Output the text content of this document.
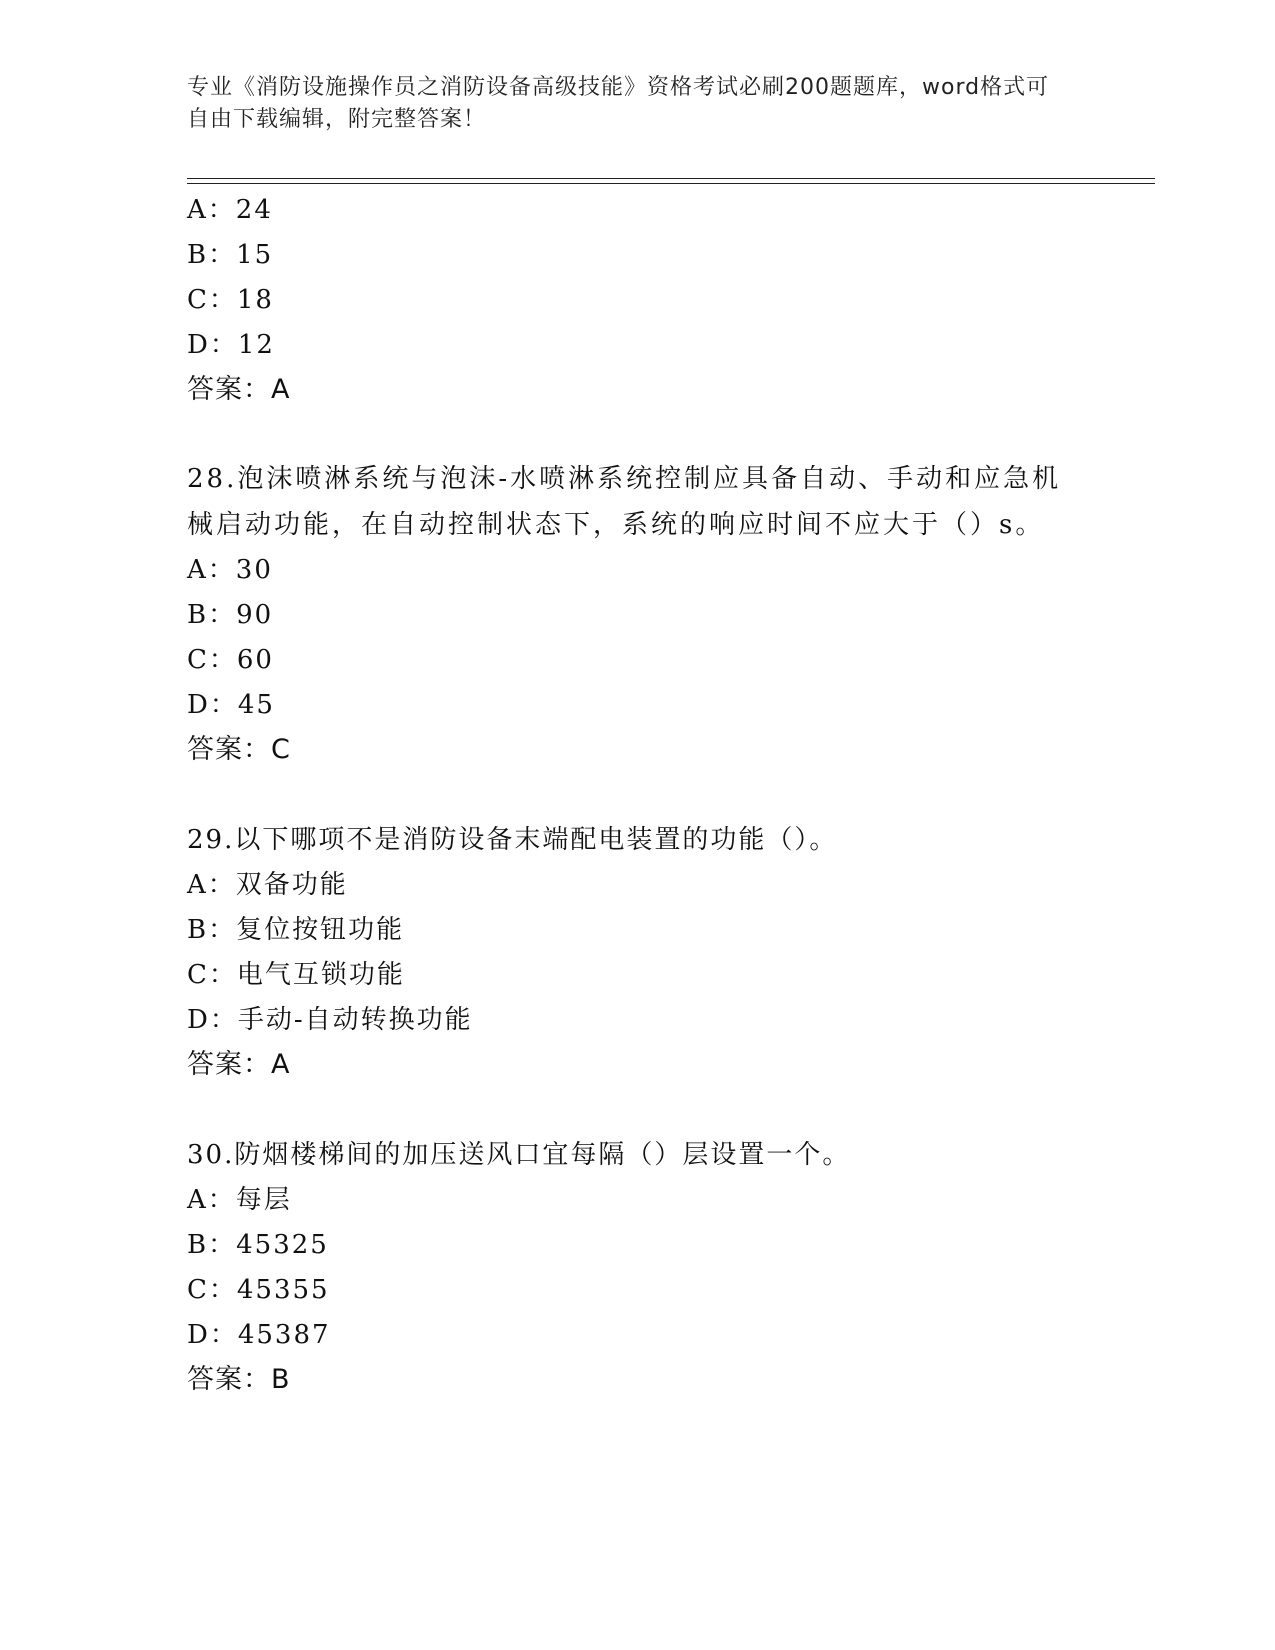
专业《消防设施操作员之消防设备高级技能》资格考试必刷200题题库，word格式可自由下载编辑，附完整答案！
A：24
B：15
C：18
D：12
答案：A
28.泡沫喷淋系统与泡沫-水喷淋系统控制应具备自动、手动和应急机械启动功能，在自动控制状态下，系统的响应时间不应大于（）s。
A：30
B：90
C：60
D：45
答案：C
29.以下哪项不是消防设备末端配电装置的功能（）。
A：双备功能
B：复位按钮功能
C：电气互锁功能
D：手动-自动转换功能
答案：A
30.防烟楼梯间的加压送风口宜每隔（）层设置一个。
A：每层
B：45325
C：45355
D：45387
答案：B
